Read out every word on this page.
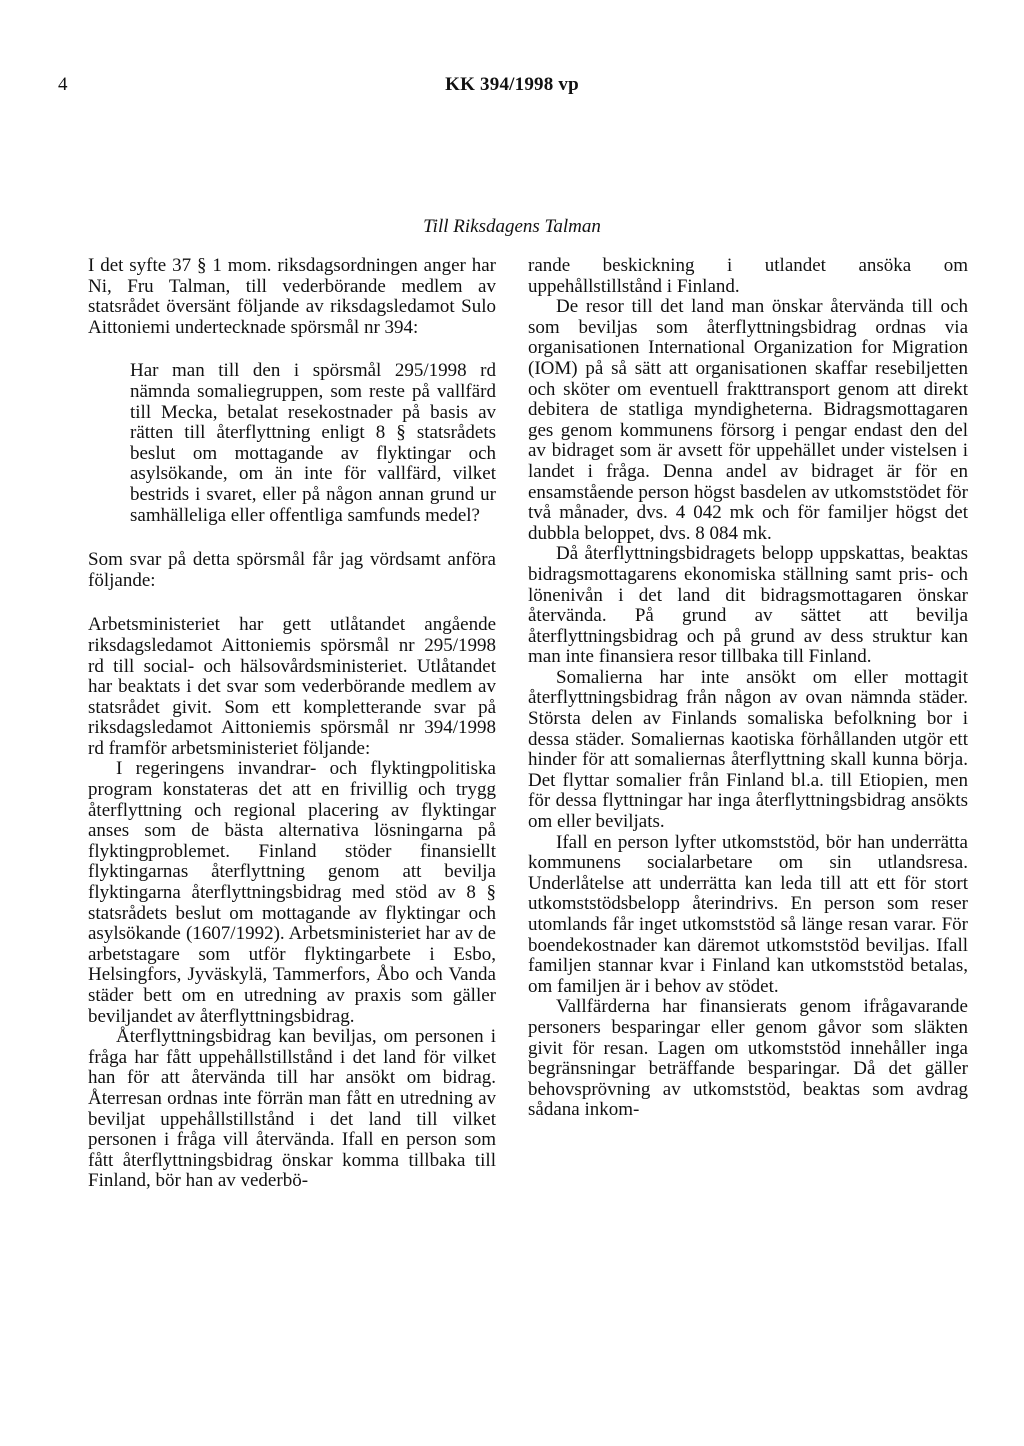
4	KK 394/1998 vp
Till Riksdagens Talman

I det syfte 37 § 1 mom. riksdagsordningen anger har Ni, Fru Talman, till vederbörande medlem av statsrådet översänt följande av riksdagsledamot Sulo Aittoniemi undertecknade spörsmål nr 394:

Har man till den i spörsmål 295/1998 rd nämnda somaliegruppen, som reste på vallfärd till Mecka, betalat resekostnader på basis av rätten till återflyttning enligt 8 § statsrådets beslut om mottagande av flyktingar och asylsökande, om än inte för vallfärd, vilket bestrids i svaret, eller på någon annan grund ur samhälleliga eller offentliga samfunds medel?

Som svar på detta spörsmål får jag vördsamt anföra följande:

Arbetsministeriet har gett utlåtandet angående riksdagsledamot Aittoniemis spörsmål nr 295/1998 rd till social- och hälsovårdsministeriet. Utlåtandet har beaktats i det svar som vederbörande medlem av statsrådet givit. Som ett kompletterande svar på riksdagsledamot Aittoniemis spörsmål nr 394/1998 rd framför arbetsministeriet följande:

I regeringens invandrar- och flyktingpolitiska program konstateras det att en frivillig och trygg återflyttning och regional placering av flyktingar anses som de bästa alternativa lösningarna på flyktingproblemet. Finland stöder finansiellt flyktingarnas återflyttning genom att bevilja flyktingarna återflyttningsbidrag med stöd av 8 § statsrådets beslut om mottagande av flyktingar och asylsökande (1607/1992). Arbetsministeriet har av de arbetstagare som utför flyktingarbete i Esbo, Helsingfors, Jyväskylä, Tammerfors, Åbo och Vanda städer bett om en utredning av praxis som gäller beviljandet av återflyttningsbidrag.

Återflyttningsbidrag kan beviljas, om personen i fråga har fått uppehållstillstånd i det land för vilket han för att återvända till har ansökt om bidrag. Återresan ordnas inte förrän man fått en utredning av beviljat uppehållstillstånd i det land till vilket personen i fråga vill återvända. Ifall en person som fått återflyttningsbidrag önskar komma tillbaka till Finland, bör han av vederbö-

rande beskickning i utlandet ansöka om uppehållstillstånd i Finland.

De resor till det land man önskar återvända till och som beviljas som återflyttningsbidrag ordnas via organisationen International Organization for Migration (IOM) på så sätt att organisationen skaffar resebiljetten och sköter om eventuell frakttransport genom att direkt debitera de statliga myndigheterna. Bidragsmottagaren ges genom kommunens försorg i pengar endast den del av bidraget som är avsett för uppehället under vistelsen i landet i fråga. Denna andel av bidraget är för en ensamstående person högst basdelen av utkomststödet för två månader, dvs. 4 042 mk och för familjer högst det dubbla beloppet, dvs. 8 084 mk.

Då återflyttningsbidragets belopp uppskattas, beaktas bidragsmottagarens ekonomiska ställning samt pris- och lönenivån i det land dit bidragsmottagaren önskar återvända. På grund av sättet att bevilja återflyttningsbidrag och på grund av dess struktur kan man inte finansiera resor tillbaka till Finland.

Somalierna har inte ansökt om eller mottagit återflyttningsbidrag från någon av ovan nämnda städer. Största delen av Finlands somaliska befolkning bor i dessa städer. Somaliernas kaotiska förhållanden utgör ett hinder för att somaliernas återflyttning skall kunna börja. Det flyttar somalier från Finland bl.a. till Etiopien, men för dessa flyttningar har inga återflyttningsbidrag ansökts om eller beviljats.

Ifall en person lyfter utkomststöd, bör han underrätta kommunens socialarbetare om sin utlandsresa. Underlåtelse att underrätta kan leda till att ett för stort utkomststödsbelopp återindrivs. En person som reser utomlands får inget utkomststöd så länge resan varar. För boendekostnader kan däremot utkomststöd beviljas. Ifall familjen stannar kvar i Finland kan utkomststöd betalas, om familjen är i behov av stödet.

Vallfärderna har finansierats genom ifrågavarande personers besparingar eller genom gåvor som släkten givit för resan. Lagen om utkomststöd innehåller inga begränsningar beträffande besparingar. Då det gäller behovsprövning av utkomststöd, beaktas som avdrag sådana inkom-
